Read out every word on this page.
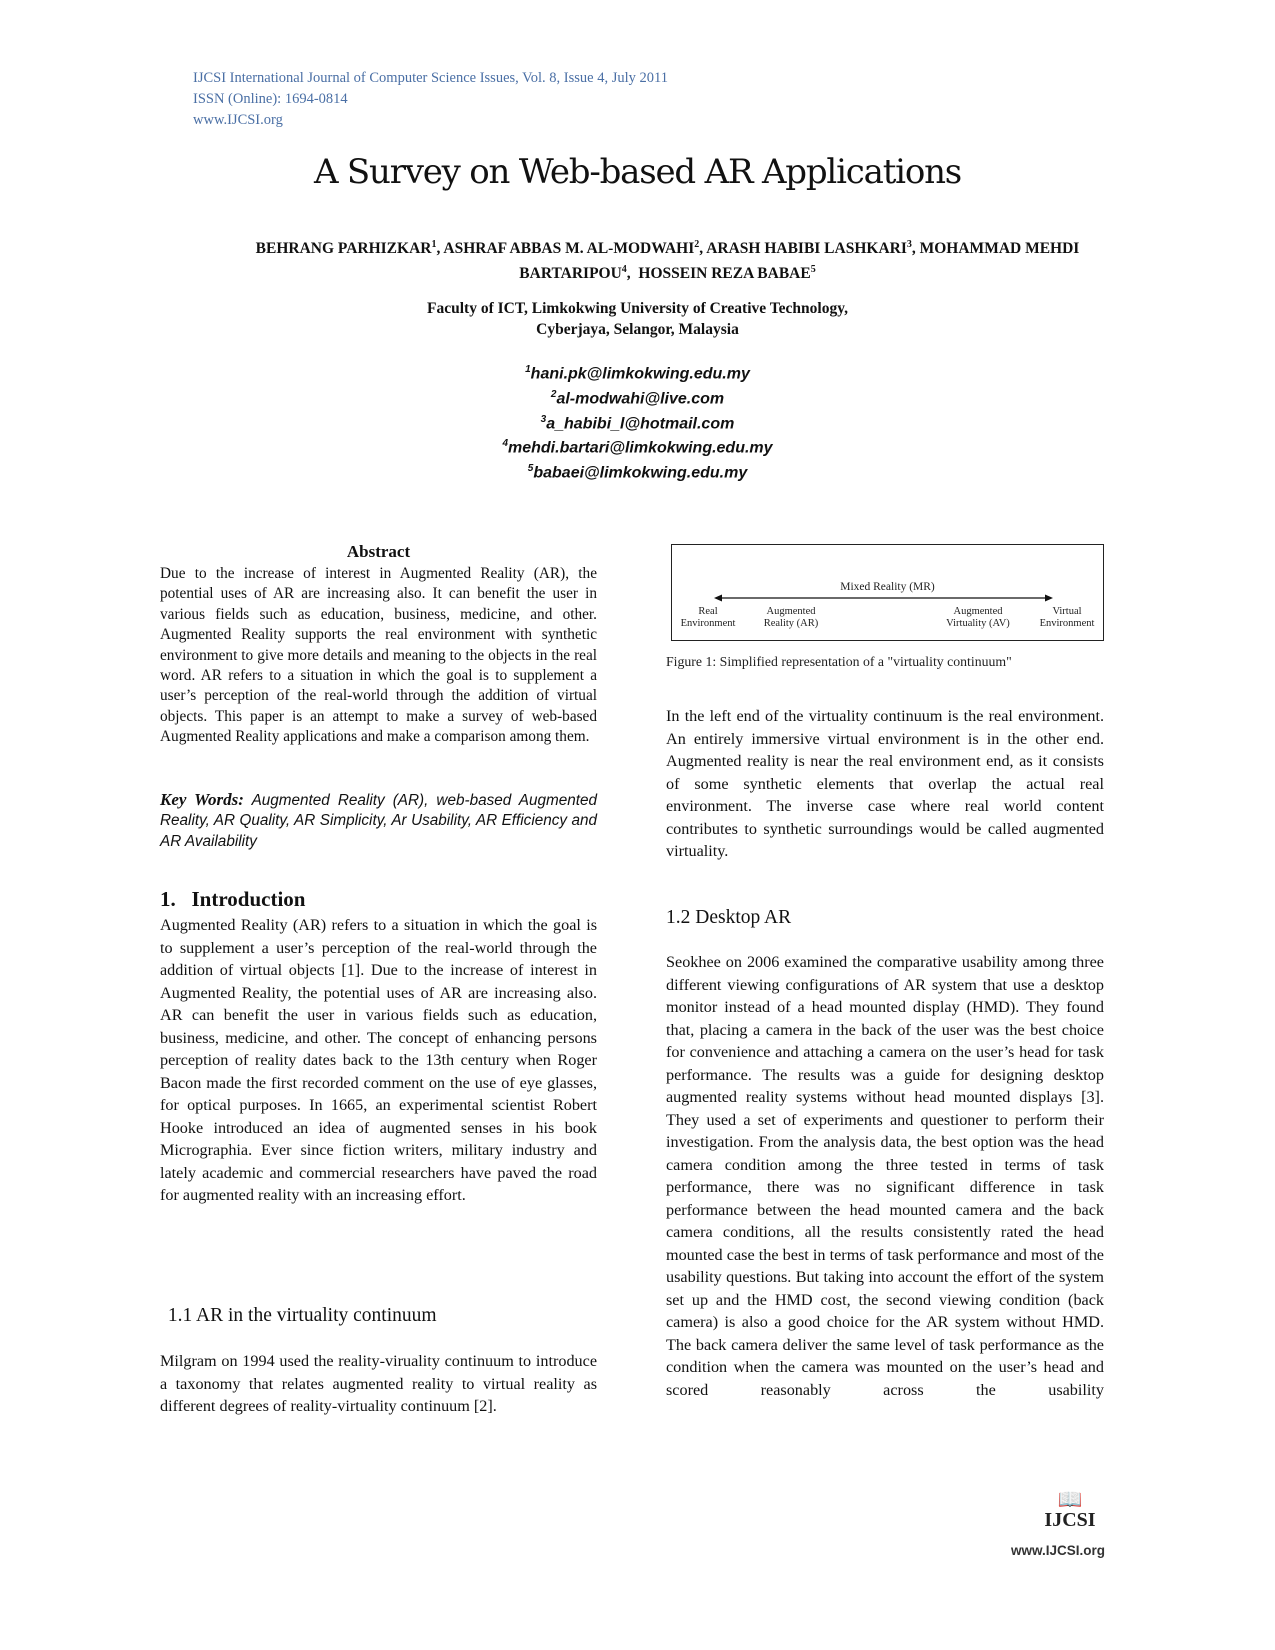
IJCSI International Journal of Computer Science Issues, Vol. 8, Issue 4, July 2011
ISSN (Online): 1694-0814
www.IJCSI.org
A Survey on Web-based AR Applications
BEHRANG PARHIZKAR$^1$, ASHRAF ABBAS M. AL-MODWAHI$^2$, ARASH HABIBI LASHKARI$^3$, MOHAMMAD MEHDI BARTARIPOU$^4$,  HOSSEIN REZA BABAE$^5$
Faculty of ICT, Limkokwing University of Creative Technology,
Cyberjaya, Selangor, Malaysia
$^1$hani.pk@limkokwing.edu.my
$^2$al-modwahi@live.com
$^3$a_habibi_l@hotmail.com
$^4$mehdi.bartari@limkokwing.edu.my
$^5$babaei@limkokwing.edu.my
Abstract
Due to the increase of interest in Augmented Reality (AR), the potential uses of AR are increasing also. It can benefit the user in various fields such as education, business, medicine, and other. Augmented Reality supports the real environment with synthetic environment to give more details and meaning to the objects in the real word. AR refers to a situation in which the goal is to supplement a user’s perception of the real-world through the addition of virtual objects. This paper is an attempt to make a survey of web-based Augmented Reality applications and make a comparison among them.
Key Words: Augmented Reality (AR), web-based Augmented Reality, AR Quality, AR Simplicity, Ar Usability, AR Efficiency and AR Availability
1.   Introduction
Augmented Reality (AR) refers to a situation in which the goal is to supplement a user’s perception of the real-world through the addition of virtual objects [1]. Due to the increase of interest in Augmented Reality, the potential uses of AR are increasing also. AR can benefit the user in various fields such as education, business, medicine, and other. The concept of enhancing persons perception of reality dates back to the 13th century when Roger Bacon made the first recorded comment on the use of eye glasses, for optical purposes. In 1665, an experimental scientist Robert Hooke introduced an idea of augmented senses in his book Micrographia. Ever since fiction writers, military industry and lately academic and commercial researchers have paved the road for augmented reality with an increasing effort.
1.1 AR in the virtuality continuum
Milgram on 1994 used the reality-viruality continuum to introduce a taxonomy that relates augmented reality to virtual reality as different degrees of reality-virtuality continuum [2].
Mixed Reality (MR)
Real
Environment
Augmented
Reality (AR)
Augmented
Virtuality (AV)
Virtual
Environment
Figure 1: Simplified representation of a "virtuality continuum"
In the left end of the virtuality continuum is the real environment. An entirely immersive virtual environment is in the other end. Augmented reality is near the real environment end, as it consists of some synthetic elements that overlap the actual real environment. The inverse case where real world content contributes to synthetic surroundings would be called augmented virtuality.
1.2 Desktop AR
Seokhee on 2006 examined the comparative usability among three different viewing configurations of AR system that use a desktop monitor instead of a head mounted display (HMD). They found that, placing a camera in the back of the user was the best choice for convenience and attaching a camera on the user’s head for task performance. The results was a guide for designing desktop augmented reality systems without head mounted displays [3]. They used a set of experiments and questioner to perform their investigation. From the analysis data, the best option was the head camera condition among the three tested in terms of task performance, there was no significant difference in task performance between the head mounted camera and the back camera conditions, all the results consistently rated the head mounted case the best in terms of task performance and most of the usability questions. But taking into account the effort of the system set up and the HMD cost, the second viewing condition (back camera) is also a good choice for the AR system without HMD. The back camera deliver the same level of task performance as the condition when the camera was mounted on the user’s head and scored reasonably across the usability
📖
IJCSI
www.IJCSI.org
